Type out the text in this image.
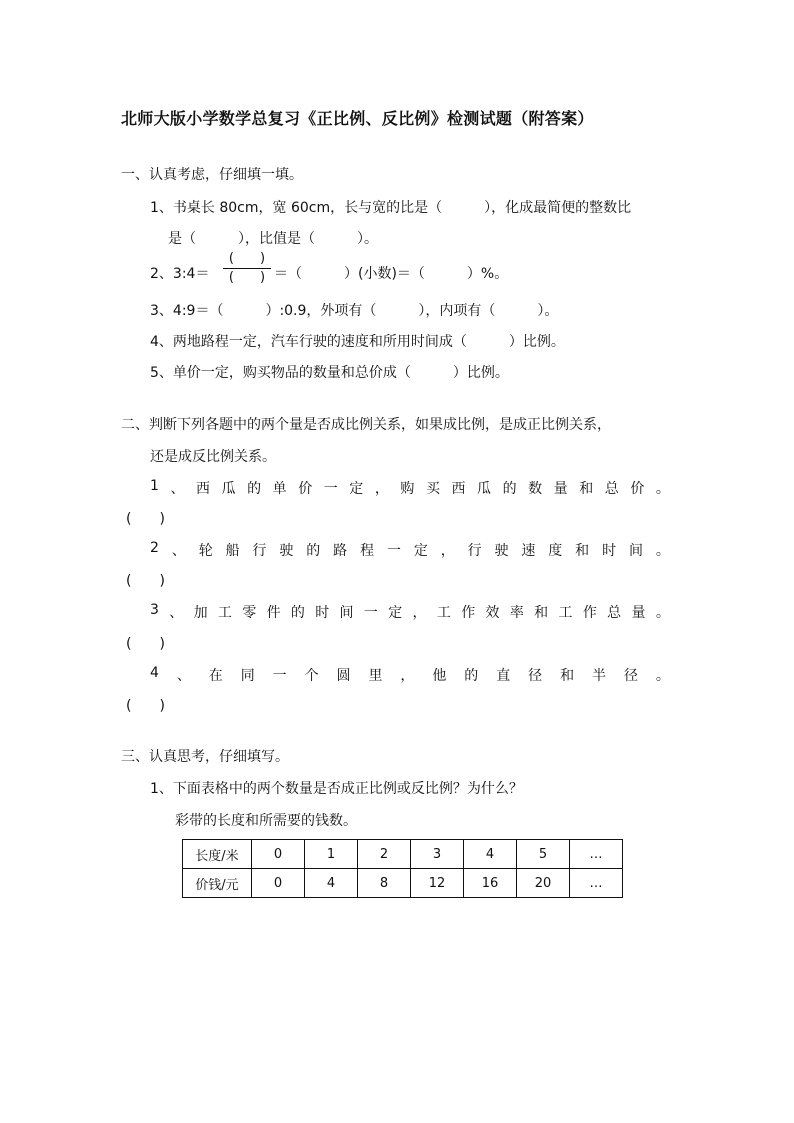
北师大版小学数学总复习《正比例、反比例》检测试题（附答案）
一、认真考虑，仔细填一填。
1、书桌长 80cm，宽 60cm，长与宽的比是（　　　），化成最简便的整数比
是（　　　），比值是（　　　）。
2、3:4＝
(　　)
(　　) ＝（　　　）(小数)＝（　　　）%。
3、4:9＝（　　　）:0.9，外项有（　　　），内项有（　　　）。
4、两地路程一定，汽车行驶的速度和所用时间成（　　　）比例。
5、单价一定，购买物品的数量和总价成（　　　）比例。
二、判断下列各题中的两个量是否成比例关系，如果成比例，是成正比例关系，
还是成反比例关系。
1 、 西 瓜 的 单 价 一 定 ， 购 买 西 瓜 的 数 量 和 总 价 。
(　　)
2 、 轮 船 行 驶 的 路 程 一 定 ， 行 驶 速 度 和 时 间 。
(　　)
3 、 加 工 零 件 的 时 间 一 定 ， 工 作 效 率 和 工 作 总 量 。
(　　)
4 、 在 同 一 个 圆 里 ， 他 的 直 径 和 半 径 。
(　　)
三、认真思考，仔细填写。
1、下面表格中的两个数量是否成正比例或反比例？为什么？
彩带的长度和所需要的钱数。
长度/米	0	1	2	3	4	5	…
价钱/元	0	4	8	12	16	20	…
